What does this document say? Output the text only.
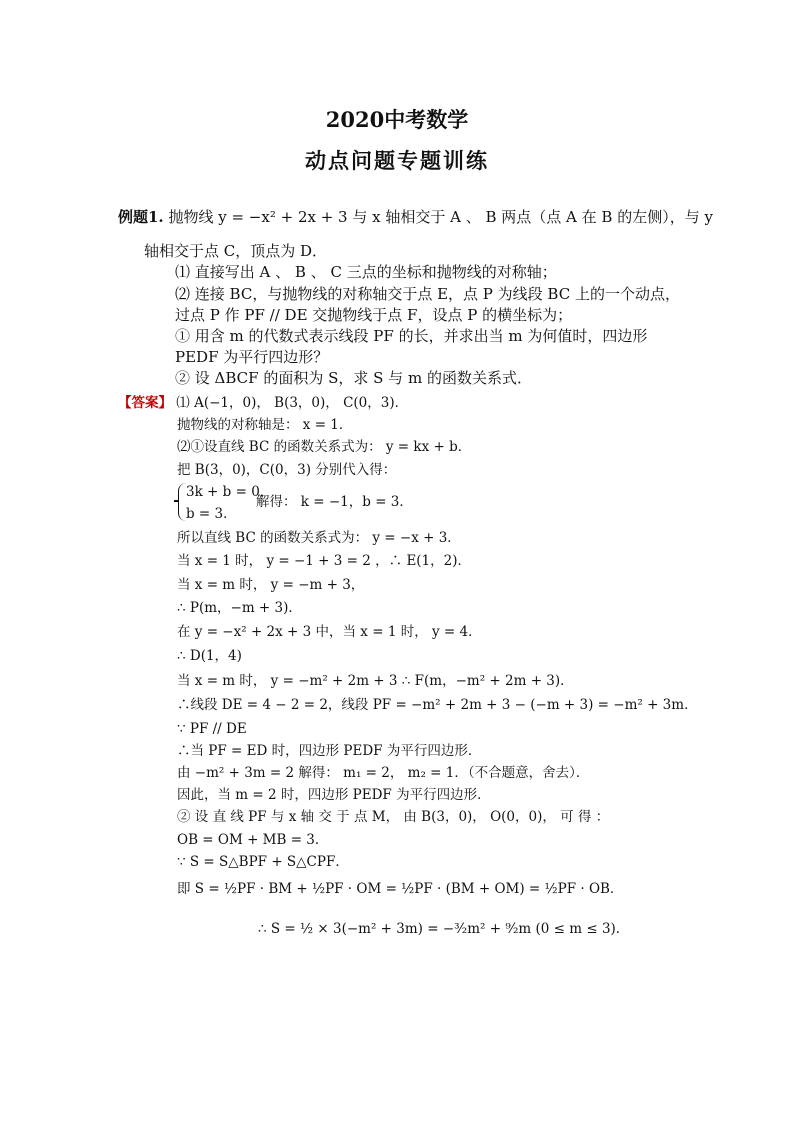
2020中考数学
动点问题专题训练
例题1. 抛物线 y = −x² + 2x + 3 与 x 轴相交于 A 、 B 两点（点 A 在 B 的左侧），与 y
轴相交于点 C，顶点为 D．
⑴ 直接写出 A 、 B 、 C 三点的坐标和抛物线的对称轴；
⑵ 连接 BC，与抛物线的对称轴交于点 E，点 P 为线段 BC 上的一个动点，
过点 P 作 PF // DE 交抛物线于点 F，设点 P 的横坐标为；
① 用含 m 的代数式表示线段 PF 的长，并求出当 m 为何值时，四边形
PEDF 为平行四边形？
② 设 ΔBCF 的面积为 S，求 S 与 m 的函数关系式．
【答案】 ⑴ A(−1，0)， B(3，0)， C(0，3)．
抛物线的对称轴是： x = 1．
⑵①设直线 BC 的函数关系式为： y = kx + b．
把 B(3，0)，C(0，3) 分别代入得：
3k + b = 0，
解得： k = −1，b = 3．
b = 3．
所以直线 BC 的函数关系式为： y = −x + 3．
当 x = 1 时， y = −1 + 3 = 2 ，∴ E(1，2)．
当 x = m 时， y = −m + 3，
∴ P(m，−m + 3)．
在 y = −x² + 2x + 3 中，当 x = 1 时， y = 4．
∴ D(1，4)
当 x = m 时， y = −m² + 2m + 3 ∴ F(m，−m² + 2m + 3)．
∴线段 DE = 4 − 2 = 2，线段 PF = −m² + 2m + 3 − (−m + 3) = −m² + 3m．
∵ PF // DE
∴当 PF = ED 时，四边形 PEDF 为平行四边形．
由 −m² + 3m = 2 解得： m₁ = 2， m₂ = 1．（不合题意，舍去）．
因此，当 m = 2 时，四边形 PEDF 为平行四边形．
② 设 直 线 PF 与 x 轴 交 于 点 M， 由 B(3，0)， O(0，0)， 可 得 ：
OB = OM + MB = 3．
∵ S = S△BPF + S△CPF．
即 S = ½PF · BM + ½PF · OM = ½PF · (BM + OM) = ½PF · OB．
∴ S = ½ × 3(−m² + 3m) = −³⁄₂m² + ⁹⁄₂m (0 ≤ m ≤ 3)．
